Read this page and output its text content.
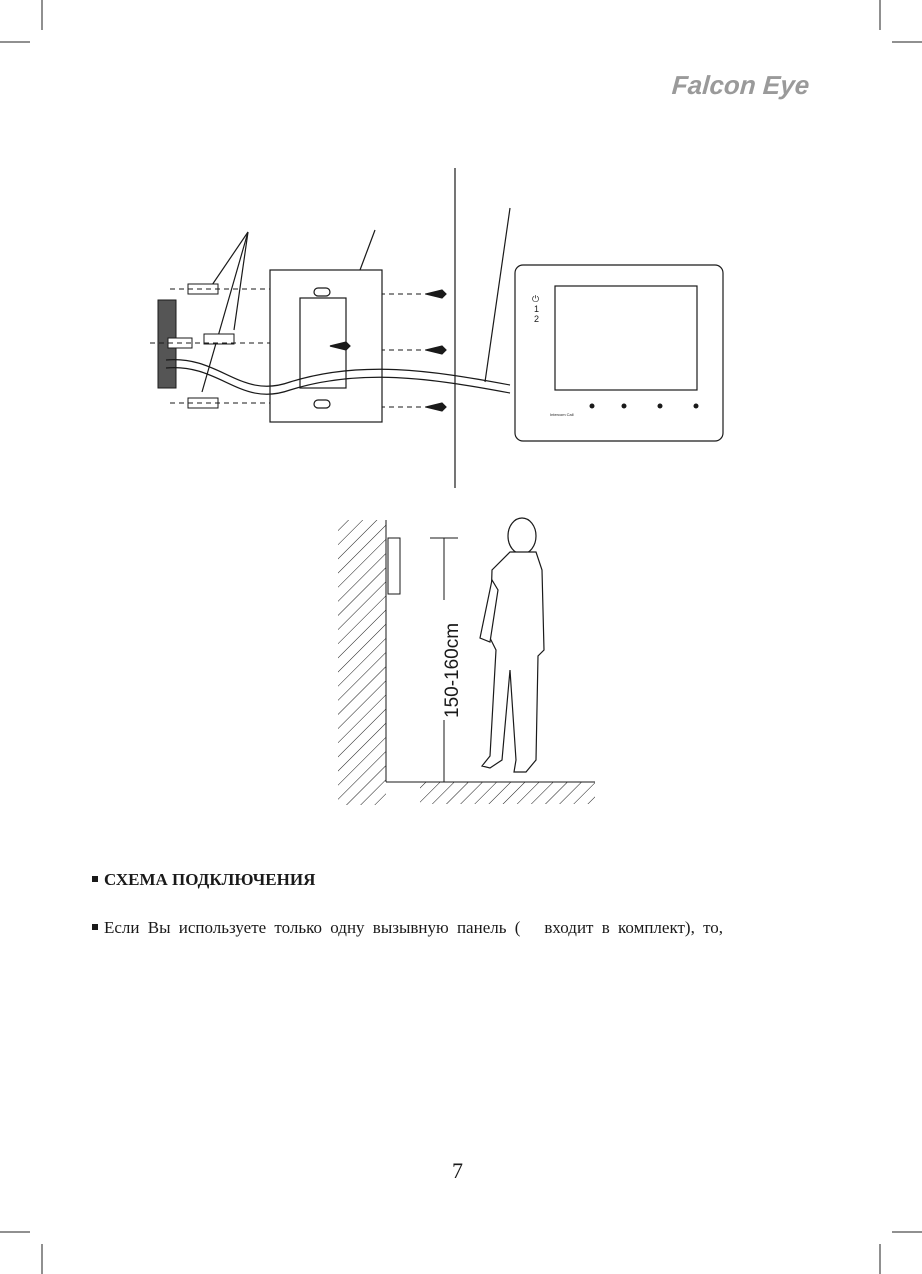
Falcon Eye
⏻
1
2
Intercom Call
150-160cm
СХЕМА ПОДКЛЮЧЕНИЯ
Если Вы используете только одну вызывную панель ( входит в комплект), то,
7
